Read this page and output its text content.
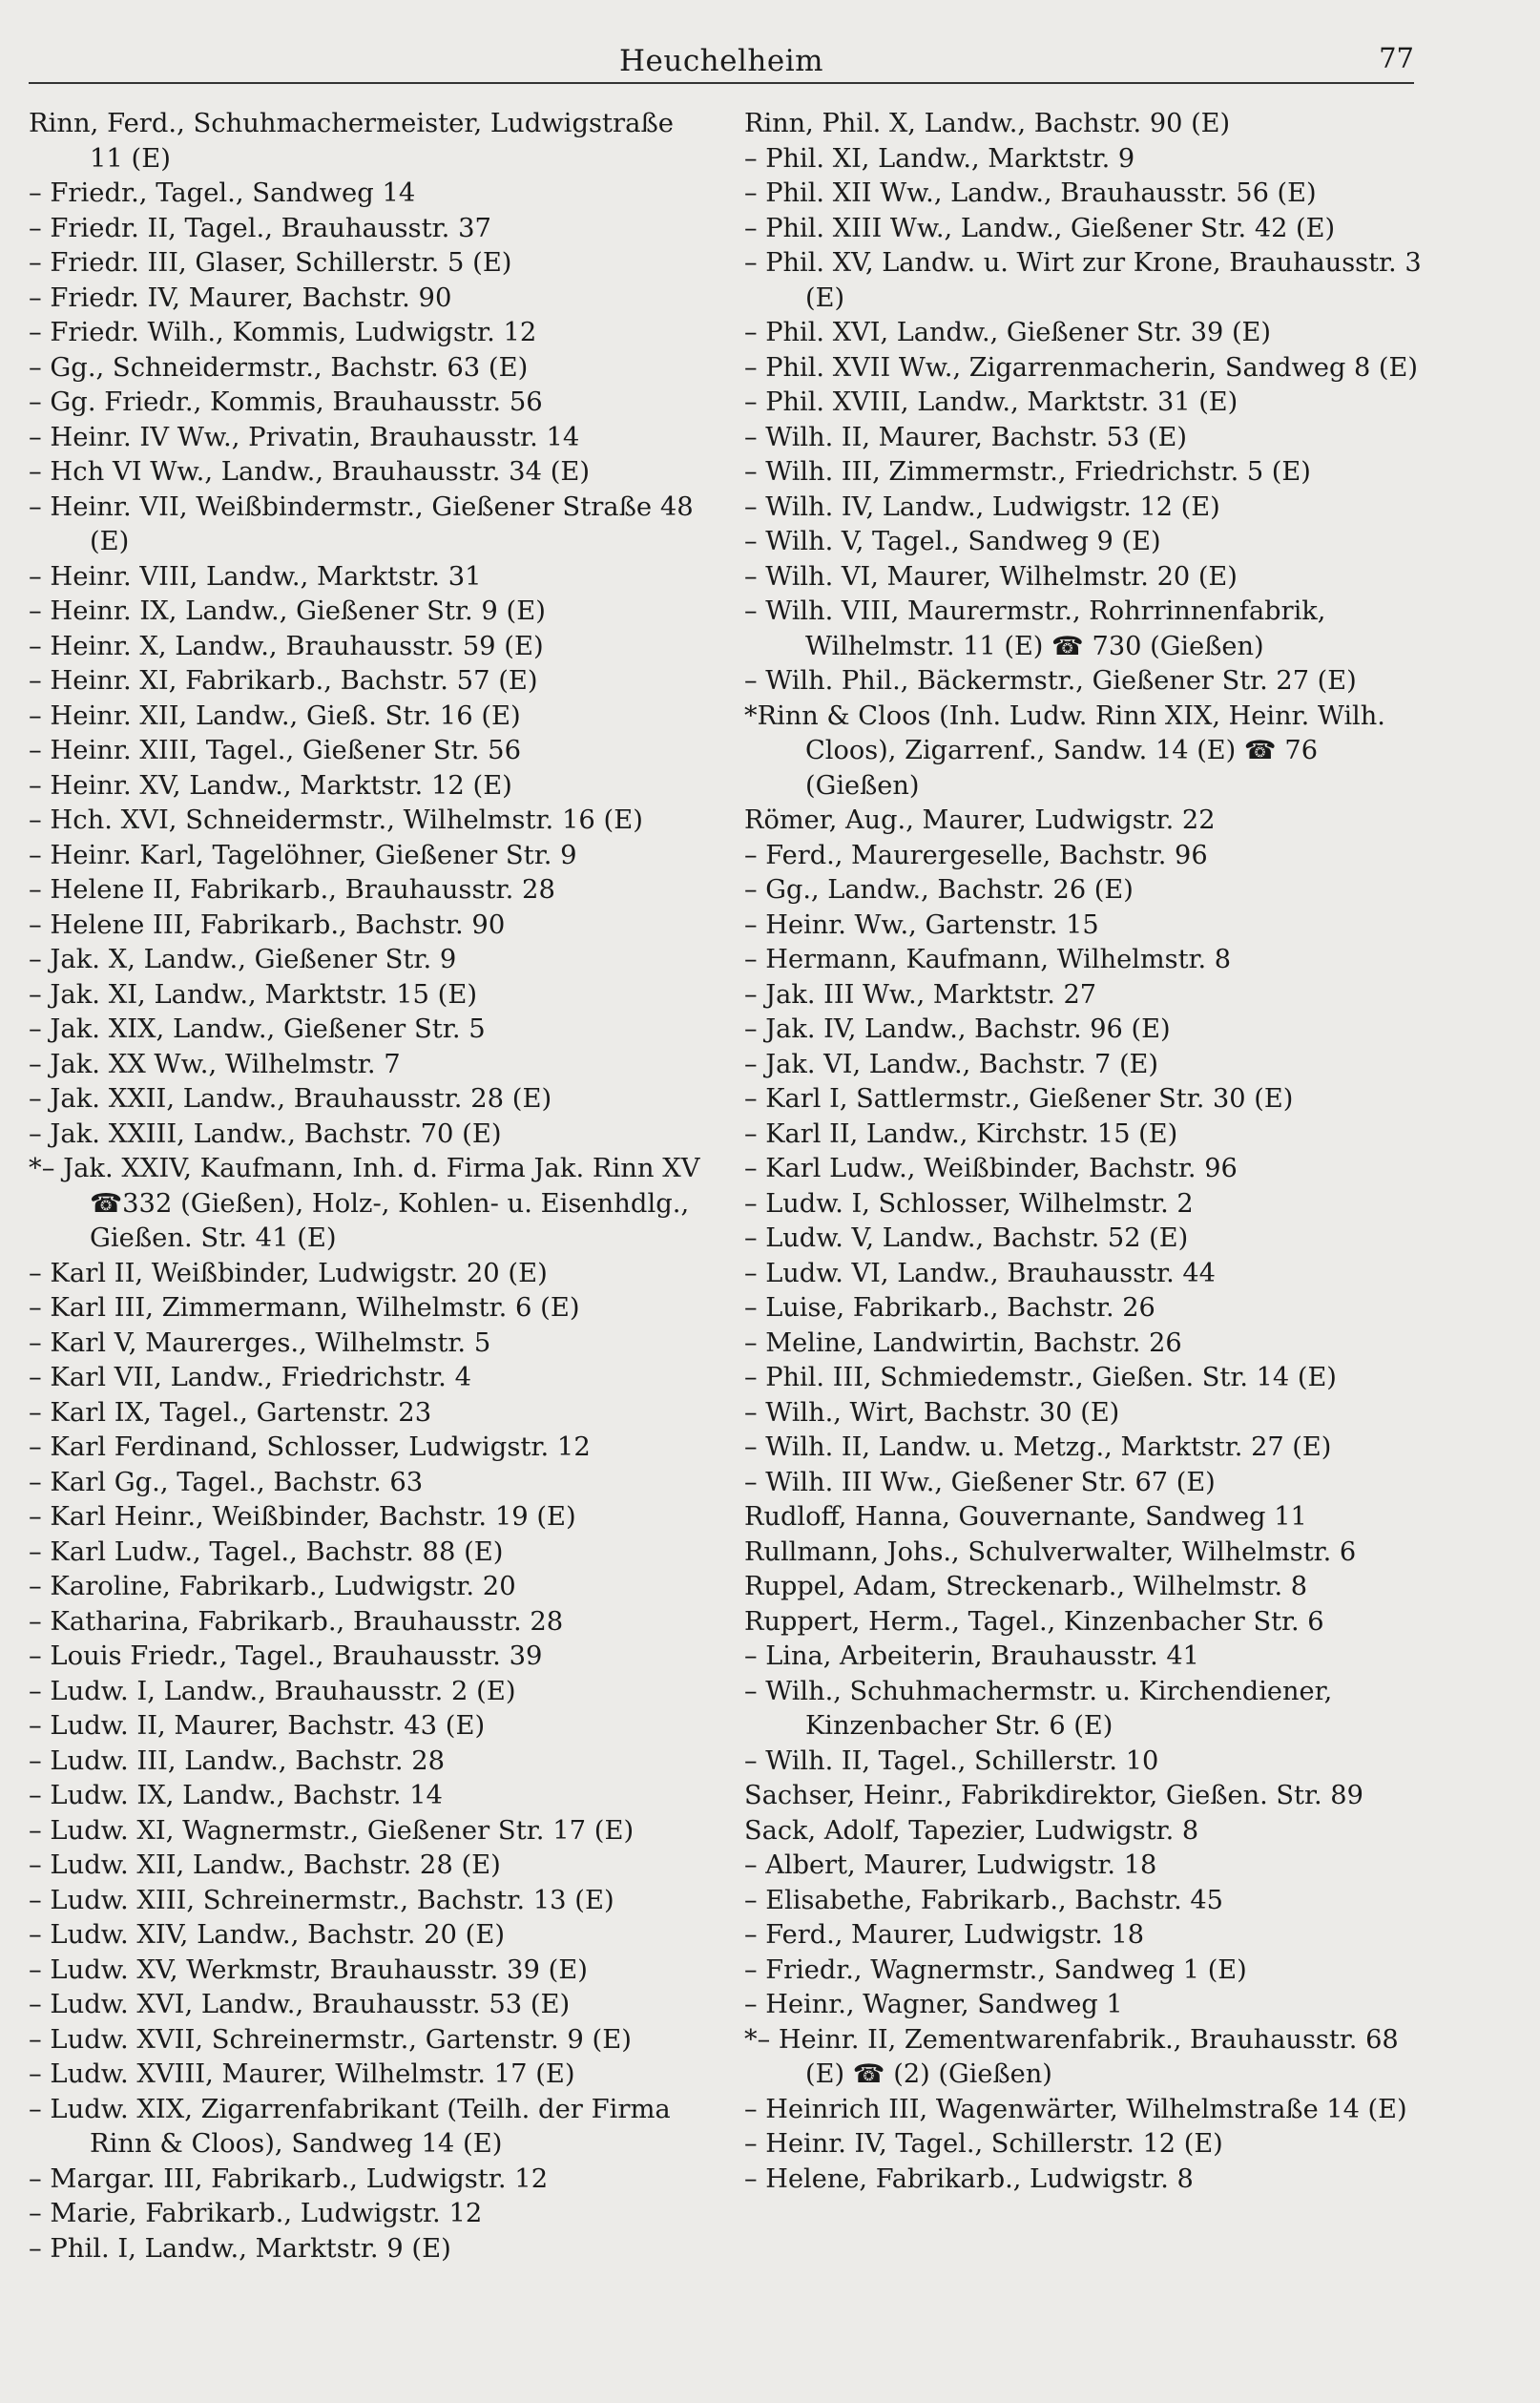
Heuchelheim	77
Rinn, Ferd., Schuhmachermeister, Ludwigstraße 11 (E)
– Friedr., Tagel., Sandweg 14
– Friedr. II, Tagel., Brauhausstr. 37
– Friedr. III, Glaser, Schillerstr. 5 (E)
– Friedr. IV, Maurer, Bachstr. 90
– Friedr. Wilh., Kommis, Ludwigstr. 12
– Gg., Schneidermstr., Bachstr. 63 (E)
– Gg. Friedr., Kommis, Brauhausstr. 56
– Heinr. IV Ww., Privatin, Brauhausstr. 14
– Hch VI Ww., Landw., Brauhausstr. 34 (E)
– Heinr. VII, Weißbindermstr., Gießener Straße 48 (E)
– Heinr. VIII, Landw., Marktstr. 31
– Heinr. IX, Landw., Gießener Str. 9 (E)
– Heinr. X, Landw., Brauhausstr. 59 (E)
– Heinr. XI, Fabrikarb., Bachstr. 57 (E)
– Heinr. XII, Landw., Gieß. Str. 16 (E)
– Heinr. XIII, Tagel., Gießener Str. 56
– Heinr. XV, Landw., Marktstr. 12 (E)
– Hch. XVI, Schneidermstr., Wilhelmstr. 16 (E)
– Heinr. Karl, Tagelöhner, Gießener Str. 9
– Helene II, Fabrikarb., Brauhausstr. 28
– Helene III, Fabrikarb., Bachstr. 90
– Jak. X, Landw., Gießener Str. 9
– Jak. XI, Landw., Marktstr. 15 (E)
– Jak. XIX, Landw., Gießener Str. 5
– Jak. XX Ww., Wilhelmstr. 7
– Jak. XXII, Landw., Brauhausstr. 28 (E)
– Jak. XXIII, Landw., Bachstr. 70 (E)
*– Jak. XXIV, Kaufmann, Inh. d. Firma Jak. Rinn XV ☎332 (Gießen), Holz-, Kohlen- u. Eisenhdlg., Gießen. Str. 41 (E)
– Karl II, Weißbinder, Ludwigstr. 20 (E)
– Karl III, Zimmermann, Wilhelmstr. 6 (E)
– Karl V, Maurerges., Wilhelmstr. 5
– Karl VII, Landw., Friedrichstr. 4
– Karl IX, Tagel., Gartenstr. 23
– Karl Ferdinand, Schlosser, Ludwigstr. 12
– Karl Gg., Tagel., Bachstr. 63
– Karl Heinr., Weißbinder, Bachstr. 19 (E)
– Karl Ludw., Tagel., Bachstr. 88 (E)
– Karoline, Fabrikarb., Ludwigstr. 20
– Katharina, Fabrikarb., Brauhausstr. 28
– Louis Friedr., Tagel., Brauhausstr. 39
– Ludw. I, Landw., Brauhausstr. 2 (E)
– Ludw. II, Maurer, Bachstr. 43 (E)
– Ludw. III, Landw., Bachstr. 28
– Ludw. IX, Landw., Bachstr. 14
– Ludw. XI, Wagnermstr., Gießener Str. 17 (E)
– Ludw. XII, Landw., Bachstr. 28 (E)
– Ludw. XIII, Schreinermstr., Bachstr. 13 (E)
– Ludw. XIV, Landw., Bachstr. 20 (E)
– Ludw. XV, Werkmstr, Brauhausstr. 39 (E)
– Ludw. XVI, Landw., Brauhausstr. 53 (E)
– Ludw. XVII, Schreinermstr., Gartenstr. 9 (E)
– Ludw. XVIII, Maurer, Wilhelmstr. 17 (E)
– Ludw. XIX, Zigarrenfabrikant (Teilh. der Firma Rinn & Cloos), Sandweg 14 (E)
– Margar. III, Fabrikarb., Ludwigstr. 12
– Marie, Fabrikarb., Ludwigstr. 12
– Phil. I, Landw., Marktstr. 9 (E)
Rinn, Phil. X, Landw., Bachstr. 90 (E)
– Phil. XI, Landw., Marktstr. 9
– Phil. XII Ww., Landw., Brauhausstr. 56 (E)
– Phil. XIII Ww., Landw., Gießener Str. 42 (E)
– Phil. XV, Landw. u. Wirt zur Krone, Brauhausstr. 3 (E)
– Phil. XVI, Landw., Gießener Str. 39 (E)
– Phil. XVII Ww., Zigarrenmacherin, Sandweg 8 (E)
– Phil. XVIII, Landw., Marktstr. 31 (E)
– Wilh. II, Maurer, Bachstr. 53 (E)
– Wilh. III, Zimmermstr., Friedrichstr. 5 (E)
– Wilh. IV, Landw., Ludwigstr. 12 (E)
– Wilh. V, Tagel., Sandweg 9 (E)
– Wilh. VI, Maurer, Wilhelmstr. 20 (E)
– Wilh. VIII, Maurermstr., Rohrrinnenfabrik, Wilhelmstr. 11 (E) ☎ 730 (Gießen)
– Wilh. Phil., Bäckermstr., Gießener Str. 27 (E)
*Rinn & Cloos (Inh. Ludw. Rinn XIX, Heinr. Wilh. Cloos), Zigarrenf., Sandw. 14 (E) ☎ 76 (Gießen)
Römer, Aug., Maurer, Ludwigstr. 22
– Ferd., Maurergeselle, Bachstr. 96
– Gg., Landw., Bachstr. 26 (E)
– Heinr. Ww., Gartenstr. 15
– Hermann, Kaufmann, Wilhelmstr. 8
– Jak. III Ww., Marktstr. 27
– Jak. IV, Landw., Bachstr. 96 (E)
– Jak. VI, Landw., Bachstr. 7 (E)
– Karl I, Sattlermstr., Gießener Str. 30 (E)
– Karl II, Landw., Kirchstr. 15 (E)
– Karl Ludw., Weißbinder, Bachstr. 96
– Ludw. I, Schlosser, Wilhelmstr. 2
– Ludw. V, Landw., Bachstr. 52 (E)
– Ludw. VI, Landw., Brauhausstr. 44
– Luise, Fabrikarb., Bachstr. 26
– Meline, Landwirtin, Bachstr. 26
– Phil. III, Schmiedemstr., Gießen. Str. 14 (E)
– Wilh., Wirt, Bachstr. 30 (E)
– Wilh. II, Landw. u. Metzg., Marktstr. 27 (E)
– Wilh. III Ww., Gießener Str. 67 (E)
Rudloff, Hanna, Gouvernante, Sandweg 11
Rullmann, Johs., Schulverwalter, Wilhelmstr. 6
Ruppel, Adam, Streckenarb., Wilhelmstr. 8
Ruppert, Herm., Tagel., Kinzenbacher Str. 6
– Lina, Arbeiterin, Brauhausstr. 41
– Wilh., Schuhmachermstr. u. Kirchendiener, Kinzenbacher Str. 6 (E)
– Wilh. II, Tagel., Schillerstr. 10
Sachser, Heinr., Fabrikdirektor, Gießen. Str. 89
Sack, Adolf, Tapezier, Ludwigstr. 8
– Albert, Maurer, Ludwigstr. 18
– Elisabethe, Fabrikarb., Bachstr. 45
– Ferd., Maurer, Ludwigstr. 18
– Friedr., Wagnermstr., Sandweg 1 (E)
– Heinr., Wagner, Sandweg 1
*– Heinr. II, Zementwarenfabrik., Brauhausstr. 68 (E) ☎ (2) (Gießen)
– Heinrich III, Wagenwärter, Wilhelmstraße 14 (E)
– Heinr. IV, Tagel., Schillerstr. 12 (E)
– Helene, Fabrikarb., Ludwigstr. 8
